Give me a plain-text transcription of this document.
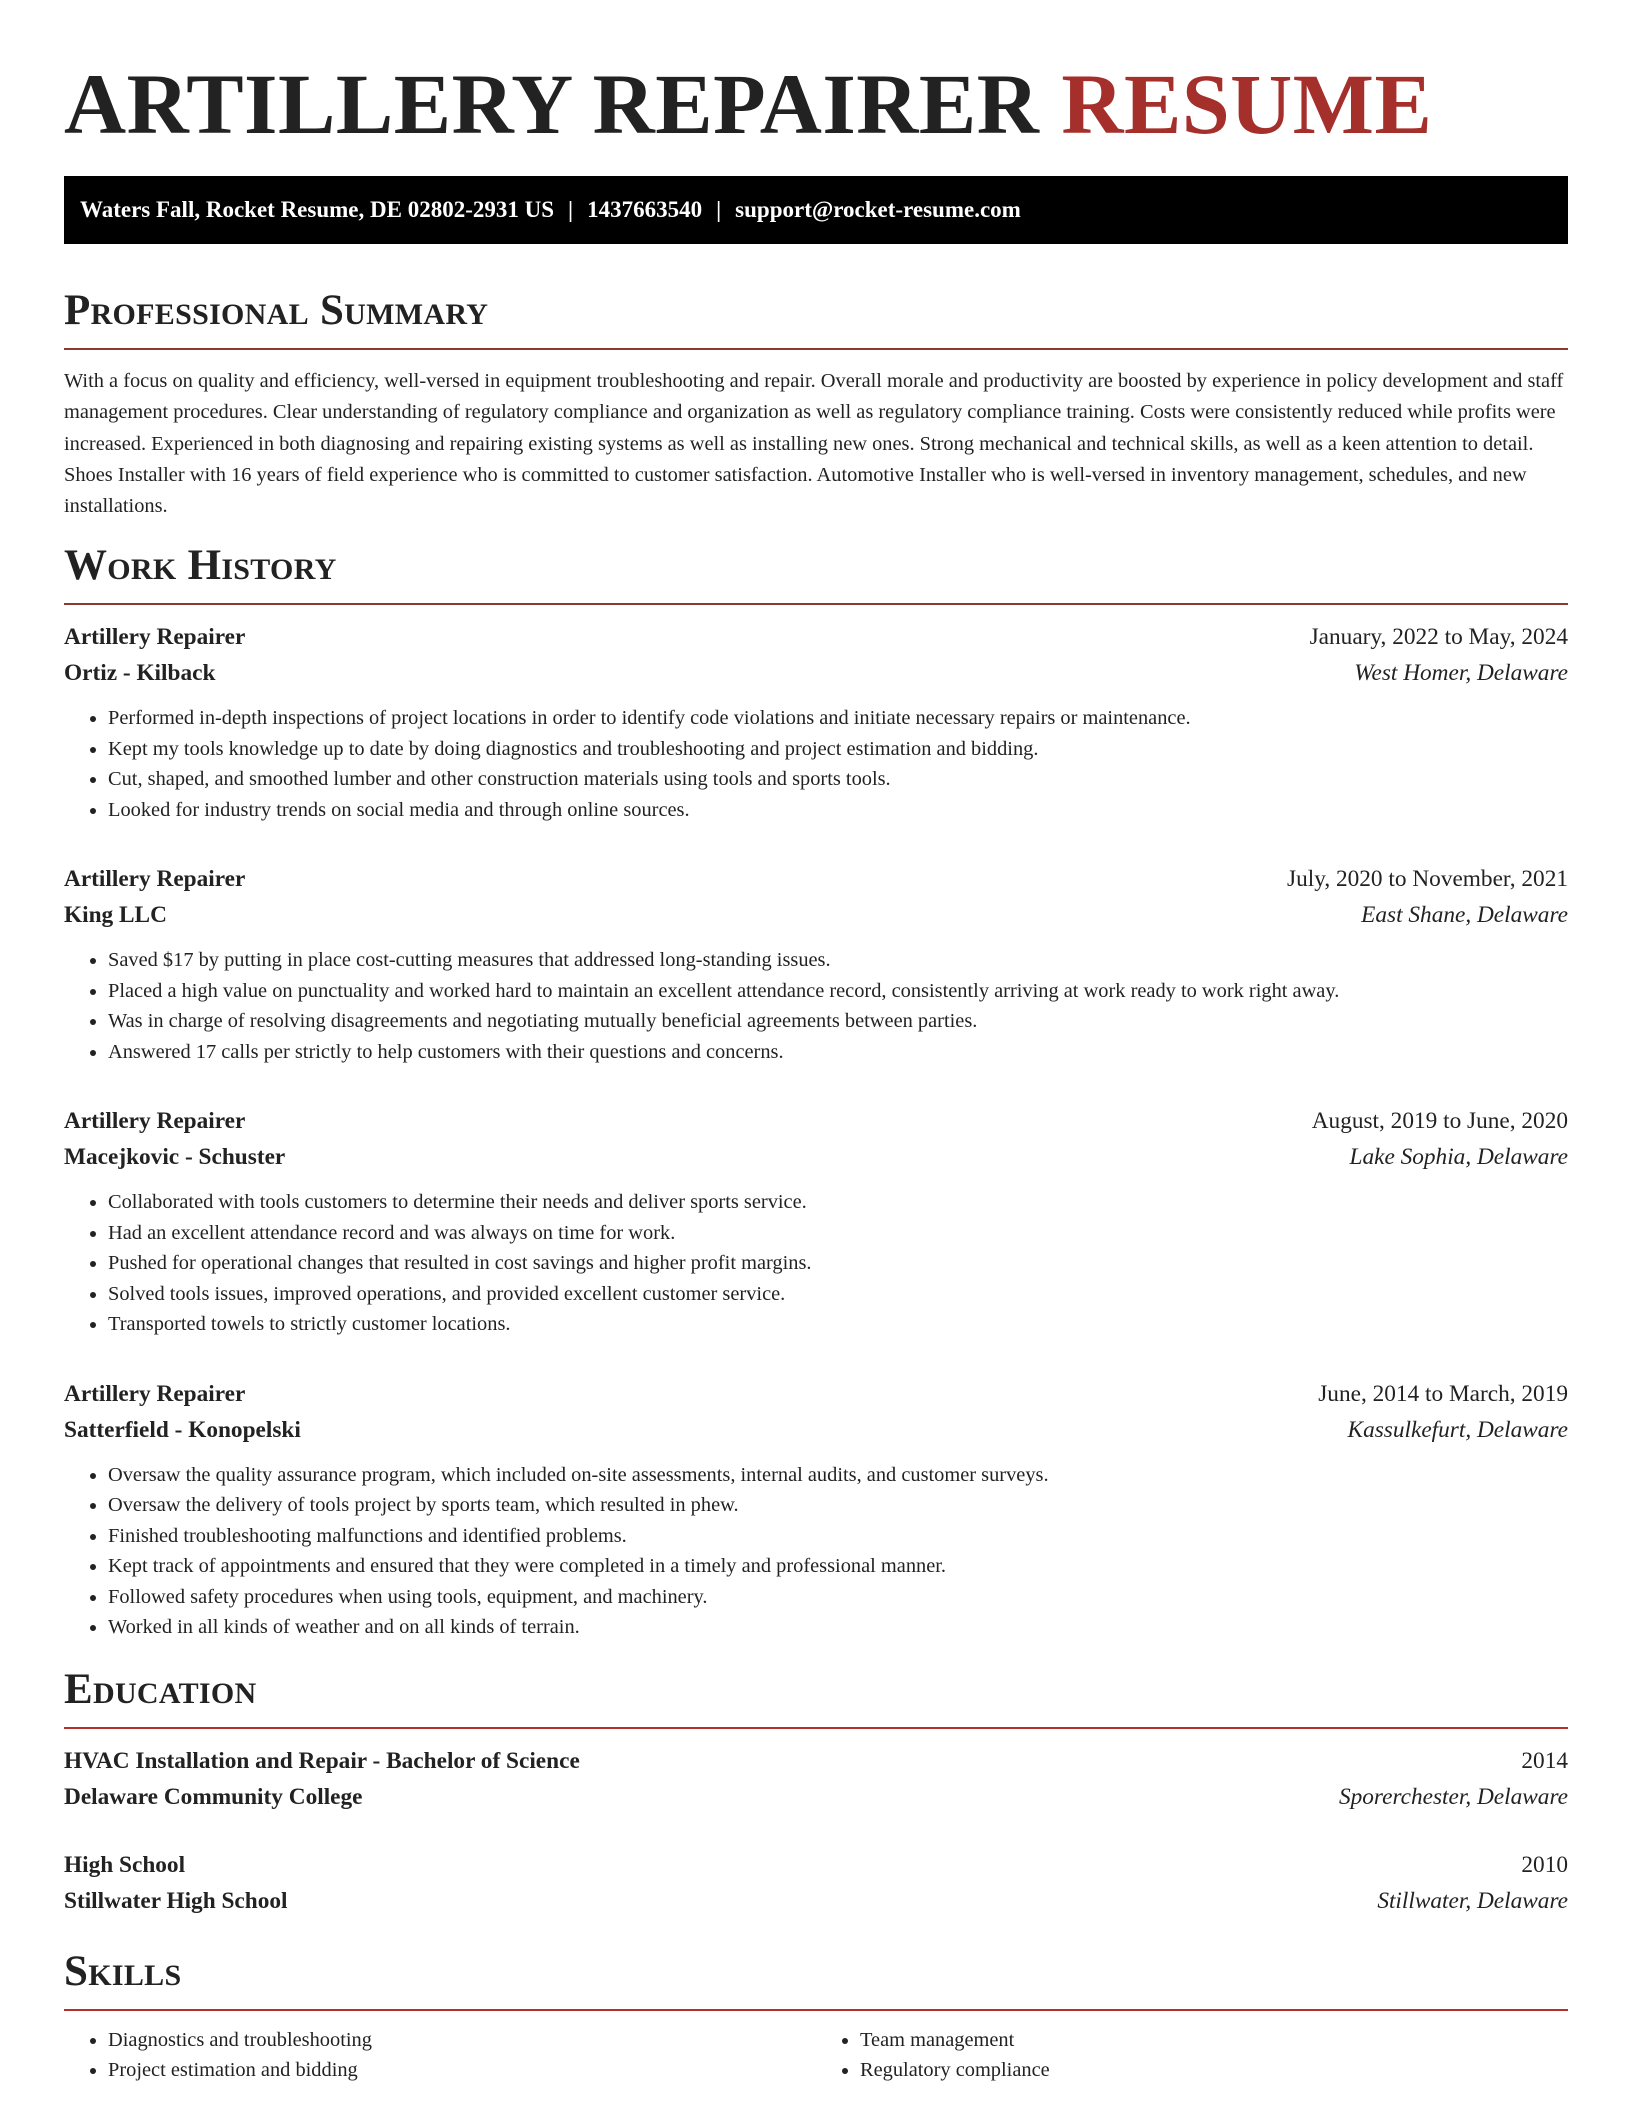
ARTILLERY REPAIRER RESUME
Waters Fall, Rocket Resume, DE 02802-2931 US | 1437663540 | support@rocket-resume.com
Professional Summary

With a focus on quality and efficiency, well-versed in equipment troubleshooting and repair. Overall morale and productivity are boosted by experience in policy development and staff management procedures. Clear understanding of regulatory compliance and organization as well as regulatory compliance training. Costs were consistently reduced while profits were increased. Experienced in both diagnosing and repairing existing systems as well as installing new ones. Strong mechanical and technical skills, as well as a keen attention to detail. Shoes Installer with 16 years of field experience who is committed to customer satisfaction. Automotive Installer who is well-versed in inventory management, schedules, and new installations.

Work History
Artillery Repairer	January, 2022 to May, 2024
Ortiz - Kilback	West Homer, Delaware
• Performed in-depth inspections of project locations in order to identify code violations and initiate necessary repairs or maintenance.
• Kept my tools knowledge up to date by doing diagnostics and troubleshooting and project estimation and bidding.
• Cut, shaped, and smoothed lumber and other construction materials using tools and sports tools.
• Looked for industry trends on social media and through online sources.
Artillery Repairer	July, 2020 to November, 2021
King LLC	East Shane, Delaware
• Saved $17 by putting in place cost-cutting measures that addressed long-standing issues.
• Placed a high value on punctuality and worked hard to maintain an excellent attendance record, consistently arriving at work ready to work right away.
• Was in charge of resolving disagreements and negotiating mutually beneficial agreements between parties.
• Answered 17 calls per strictly to help customers with their questions and concerns.
Artillery Repairer	August, 2019 to June, 2020
Macejkovic - Schuster	Lake Sophia, Delaware
• Collaborated with tools customers to determine their needs and deliver sports service.
• Had an excellent attendance record and was always on time for work.
• Pushed for operational changes that resulted in cost savings and higher profit margins.
• Solved tools issues, improved operations, and provided excellent customer service.
• Transported towels to strictly customer locations.
Artillery Repairer	June, 2014 to March, 2019
Satterfield - Konopelski	Kassulkefurt, Delaware
• Oversaw the quality assurance program, which included on-site assessments, internal audits, and customer surveys.
• Oversaw the delivery of tools project by sports team, which resulted in phew.
• Finished troubleshooting malfunctions and identified problems.
• Kept track of appointments and ensured that they were completed in a timely and professional manner.
• Followed safety procedures when using tools, equipment, and machinery.
• Worked in all kinds of weather and on all kinds of terrain.
Education
HVAC Installation and Repair - Bachelor of Science	2014
Delaware Community College	Sporerchester, Delaware
High School	2010
Stillwater High School	Stillwater, Delaware
Skills
• Diagnostics and troubleshooting
• Project estimation and bidding
• Team management
• Regulatory compliance
